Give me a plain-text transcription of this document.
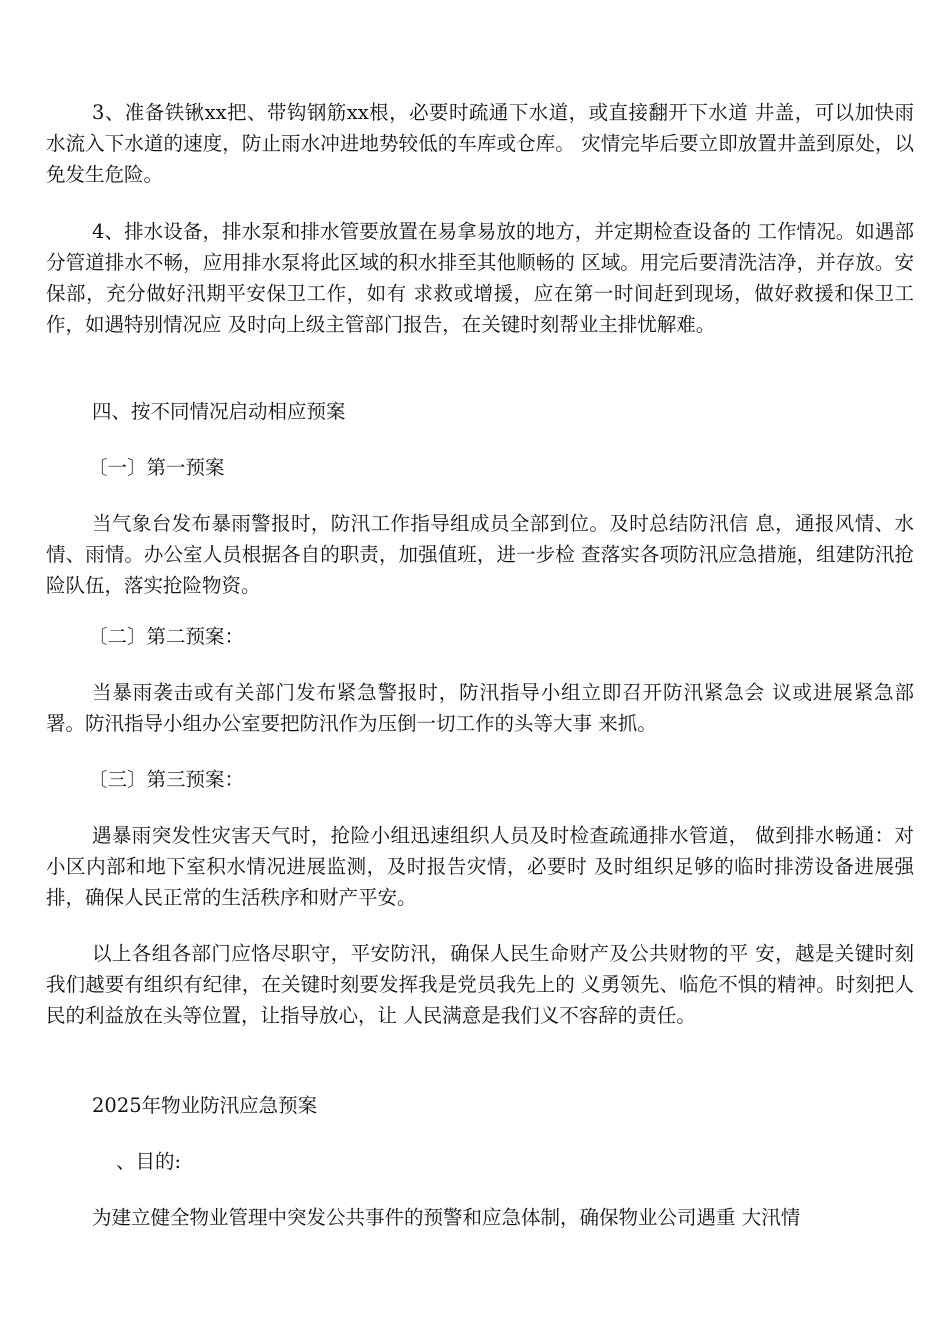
3、准备铁锹xx把、带钩钢筋xx根，必要时疏通下水道，或直接翻开下水道 井盖，可以加快雨水流入下水道的速度，防止雨水冲进地势较低的车库或仓库。 灾情完毕后要立即放置井盖到原处，以免发生危险。

4、排水设备，排水泵和排水管要放置在易拿易放的地方，并定期检查设备的 工作情况。如遇部分管道排水不畅，应用排水泵将此区域的积水排至其他顺畅的 区域。用完后要清洗洁净，并存放。安保部，充分做好汛期平安保卫工作，如有 求救或增援，应在第一时间赶到现场，做好救援和保卫工作，如遇特别情况应 及时向上级主管部门报告，在关键时刻帮业主排忧解难。

四、按不同情况启动相应预案

〔一〕第一预案

当气象台发布暴雨警报时，防汛工作指导组成员全部到位。及时总结防汛信 息，通报风情、水情、雨情。办公室人员根据各自的职责，加强值班，进一步检 查落实各项防汛应急措施，组建防汛抢险队伍，落实抢险物资。

〔二〕第二预案：

当暴雨袭击或有关部门发布紧急警报时，防汛指导小组立即召开防汛紧急会 议或进展紧急部署。防汛指导小组办公室要把防汛作为压倒一切工作的头等大事 来抓。

〔三〕第三预案：

遇暴雨突发性灾害天气时，抢险小组迅速组织人员及时检查疏通排水管道， 做到排水畅通：对小区内部和地下室积水情况进展监测，及时报告灾情，必要时 及时组织足够的临时排涝设备进展强排，确保人民正常的生活秩序和财产平安。

以上各组各部门应恪尽职守，平安防汛，确保人民生命财产及公共财物的平 安，越是关键时刻我们越要有组织有纪律，在关键时刻要发挥我是党员我先上的 义勇领先、临危不惧的精神。时刻把人民的利益放在头等位置，让指导放心，让 人民满意是我们义不容辞的责任。

2025年物业防汛应急预案

、目的:

为建立健全物业管理中突发公共事件的预警和应急体制，确保物业公司遇重 大汛情
